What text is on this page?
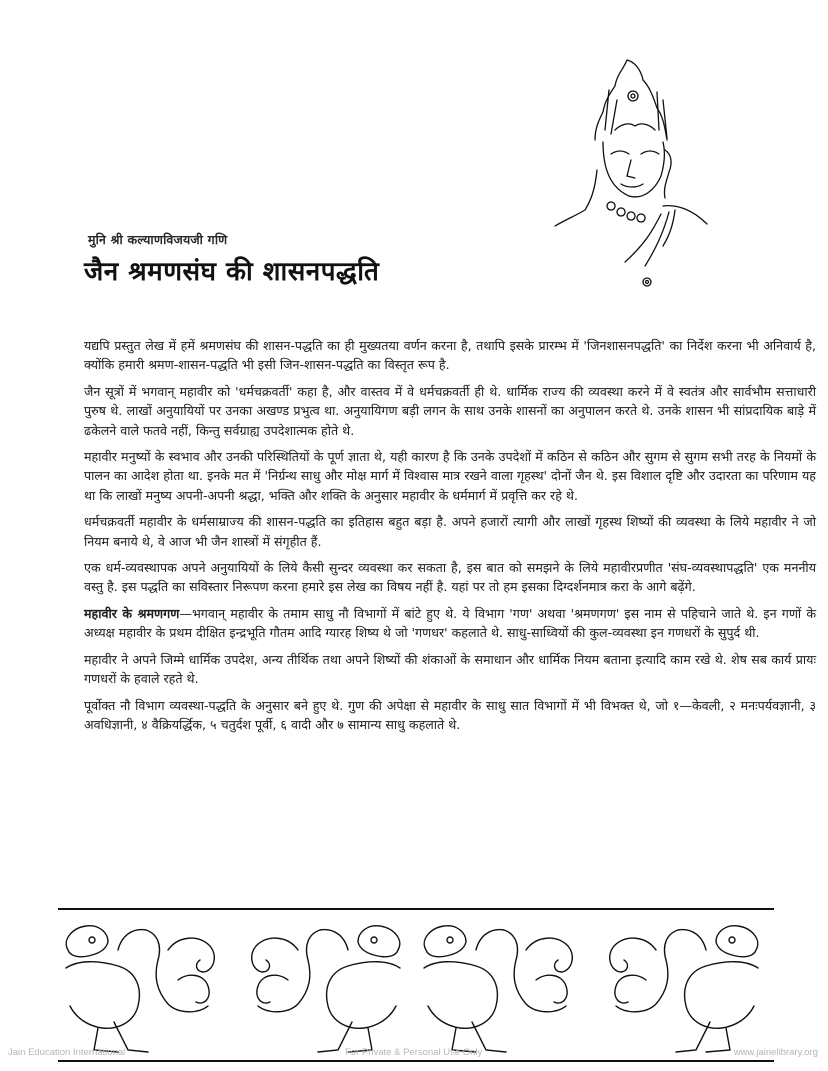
मुनि श्री कल्याणविजयजी गणि
जैन श्रमणसंघ की शासनपद्धति

यद्यपि प्रस्तुत लेख में हमें श्रमणसंघ की शासन-पद्धति का ही मुख्यतया वर्णन करना है, तथापि इसके प्रारम्भ में 'जिनशासनपद्धति' का निर्देश करना भी अनिवार्य है, क्योंकि हमारी श्रमण-शासन-पद्धति भी इसी जिन-शासन-पद्धति का विस्तृत रूप है.

जैन सूत्रों में भगवान् महावीर को 'धर्मचक्रवर्ती' कहा है, और वास्तव में वे धर्मचक्रवर्ती ही थे. धार्मिक राज्य की व्यवस्था करने में वे स्वतंत्र और सार्वभौम सत्ताधारी पुरुष थे. लाखों अनुयायियों पर उनका अखण्ड प्रभुत्व था. अनुयायिगण बड़ी लगन के साथ उनके शासनों का अनुपालन करते थे. उनके शासन भी सांप्रदायिक बाड़े में ढकेलने वाले फतवे नहीं, किन्तु सर्वग्राह्य उपदेशात्मक होते थे.

महावीर मनुष्यों के स्वभाव और उनकी परिस्थितियों के पूर्ण ज्ञाता थे, यही कारण है कि उनके उपदेशों में कठिन से कठिन और सुगम से सुगम सभी तरह के नियमों के पालन का आदेश होता था. इनके मत में 'निर्ग्रन्थ साधु और मोक्ष मार्ग में विश्वास मात्र रखने वाला गृहस्थ' दोनों जैन थे. इस विशाल दृष्टि और उदारता का परिणाम यह था कि लाखों मनुष्य अपनी-अपनी श्रद्धा, भक्ति और शक्ति के अनुसार महावीर के धर्ममार्ग में प्रवृत्ति कर रहे थे.

धर्मचक्रवर्ती महावीर के धर्मसाम्राज्य की शासन-पद्धति का इतिहास बहुत बड़ा है. अपने हजारों त्यागी और लाखों गृहस्थ शिष्यों की व्यवस्था के लिये महावीर ने जो नियम बनाये थे, वे आज भी जैन शास्त्रों में संगृहीत हैं.

एक धर्म-व्यवस्थापक अपने अनुयायियों के लिये कैसी सुन्दर व्यवस्था कर सकता है, इस बात को समझने के लिये महावीरप्रणीत 'संघ-व्यवस्थापद्धति' एक मननीय वस्तु है. इस पद्धति का सविस्तार निरूपण करना हमारे इस लेख का विषय नहीं है. यहां पर तो हम इसका दिग्दर्शनमात्र करा के आगे बढ़ेंगे.

महावीर के श्रमणगण—भगवान् महावीर के तमाम साधु नौ विभागों में बांटे हुए थे. ये विभाग 'गण' अथवा 'श्रमणगण' इस नाम से पहिचाने जाते थे. इन गणों के अध्यक्ष महावीर के प्रथम दीक्षित इन्द्रभूति गौतम आदि ग्यारह शिष्य थे जो 'गणधर' कहलाते थे. साधु-साध्वियों की कुल-व्यवस्था इन गणधरों के सुपुर्द थी.

महावीर ने अपने जिम्मे धार्मिक उपदेश, अन्य तीर्थिक तथा अपने शिष्यों की शंकाओं के समाधान और धार्मिक नियम बताना इत्यादि काम रखे थे. शेष सब कार्य प्रायः गणधरों के हवाले रहते थे.

पूर्वोक्त नौ विभाग व्यवस्था-पद्धति के अनुसार बने हुए थे. गुण की अपेक्षा से महावीर के साधु सात विभागों में भी विभक्त थे, जो १—केवली, २ मनःपर्यवज्ञानी, ३ अवधिज्ञानी, ४ वैक्रियर्द्धिक, ५ चतुर्दश पूर्वी, ६ वादी और ७ सामान्य साधु कहलाते थे.

Jain Education International	For Private & Personal Use Only	www.jainelibrary.org
